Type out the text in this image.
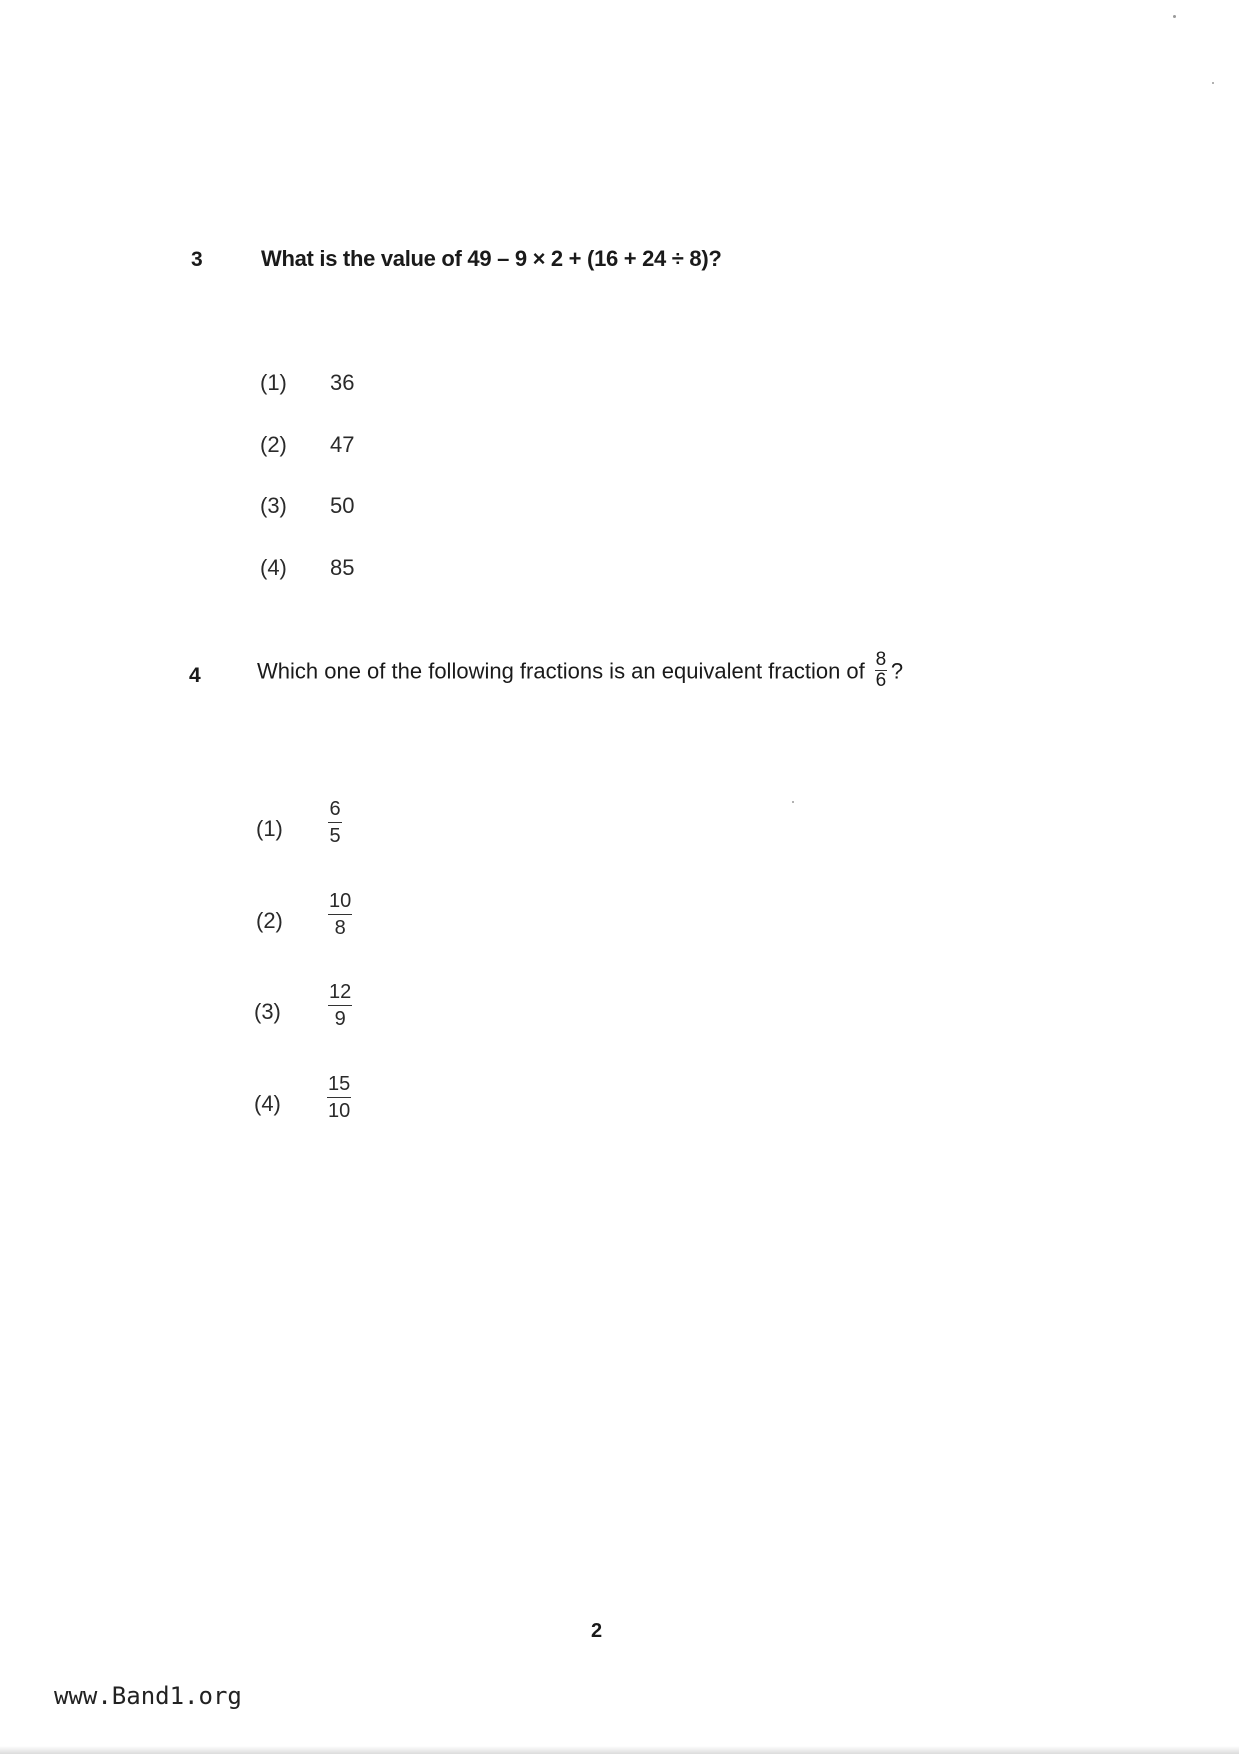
3	What is the value of 49 – 9 × 2 + (16 + 24 ÷ 8)?
(1) 36
(2) 47
(3) 50
(4) 85
4	Which one of the following fractions is an equivalent fraction of $\frac{8}{6}$ ?
(1)
6
5
(2)
10
8
(3)
12
9
(4)
15
10
2
www.Band1.org
